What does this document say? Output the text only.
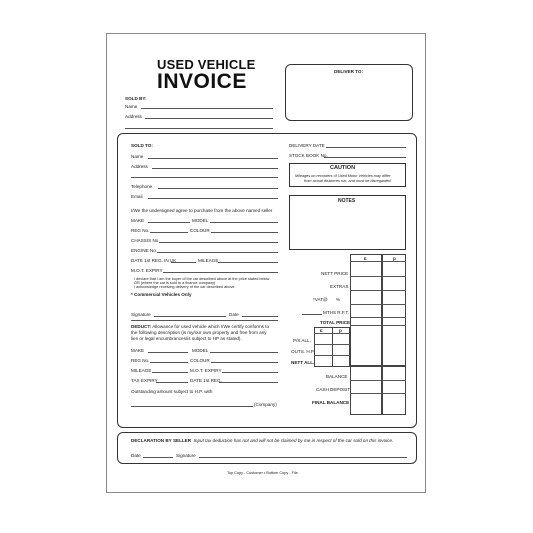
USED VEHICLE
INVOICE
SOLD BY:
Name
Address
DELIVER TO:
SOLD TO:
Name
Address
Telephone
Email
I/We the undersigned agree to purchase from the above named seller
MAKE	MODEL
REG No.	COLOUR
CHASSIS No.
ENGINE No.
DATE 1st REG. IN UK	MILEAGE
M.O.T. EXPIRY
I declare that I am the buyer of the car described above at the price stated below
OR (where the car is sold to a finance company)
I acknowledge receiving delivery of the car described above.
* Commercial Vehicles Only
Signature	Date
DEDUCT: Allowance for used vehicle which I/We certify conforms to
the following description (is my/our own property and free from any
lien or legal encumbrances/is subject to HP as stated).
MAKE	MODEL
REG No.	COLOUR
MILEAGE	M.O.T. EXPIRY
TAX EXPIRY	DATE 1st REG.
Outstanding amount subject to H.P. with
(Company)
DELIVERY DATE
STOCK BOOK No.
CAUTION
Mileages on recorders of Used Motor Vehicles may differ
from actual distances run, and must be disregarded.
NOTES
£	p
NETT PRICE
EXTRAS
*VAT@ %
MTHS R.F.T.
TOTAL PRICE
£	p
P/X ALL.
OUTS. H.P.
NETT ALL.
BALANCE
CASH DEPOSIT
FINAL BALANCE
DECLARATION BY SELLER Input tax deduction has not and will not be claimed by me in respect of the car sold on this invoice.
Date	Signature
Top Copy - Customer • Bottom Copy - File
